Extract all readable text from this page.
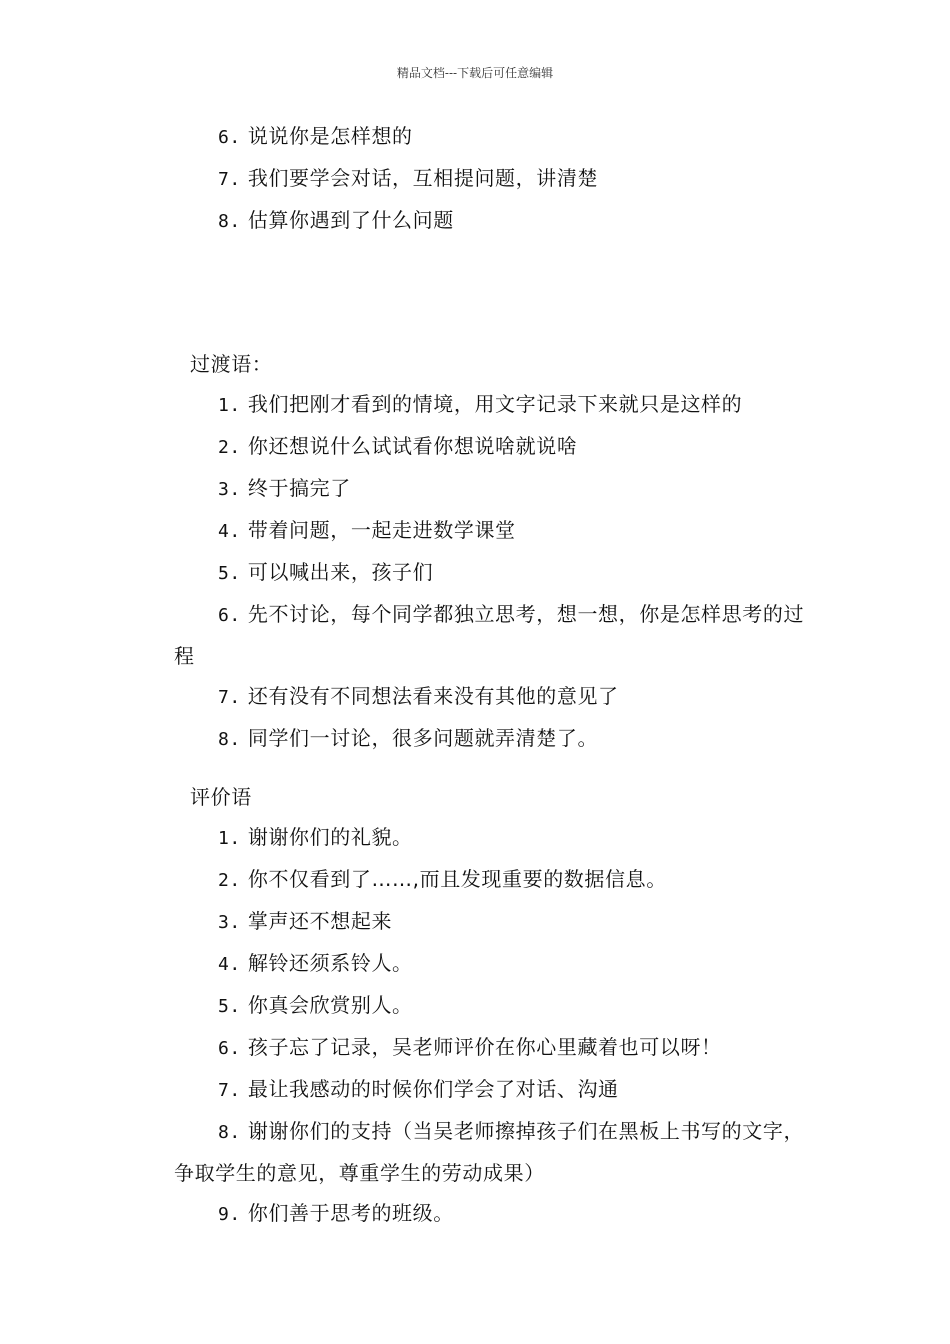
精品文档---下载后可任意编辑
6. 说说你是怎样想的
7. 我们要学会对话，互相提问题，讲清楚
8. 估算你遇到了什么问题
过渡语：
1. 我们把刚才看到的情境，用文字记录下来就只是这样的
2. 你还想说什么试试看你想说啥就说啥
3. 终于搞完了
4. 带着问题，一起走进数学课堂
5. 可以喊出来，孩子们
6. 先不讨论，每个同学都独立思考，想一想，你是怎样思考的过程
7. 还有没有不同想法看来没有其他的意见了
8. 同学们一讨论，很多问题就弄清楚了。
评价语
1. 谢谢你们的礼貌。
2. 你不仅看到了……,而且发现重要的数据信息。
3. 掌声还不想起来
4. 解铃还须系铃人。
5. 你真会欣赏别人。
6. 孩子忘了记录，吴老师评价在你心里藏着也可以呀！
7. 最让我感动的时候你们学会了对话、沟通
8. 谢谢你们的支持（当吴老师擦掉孩子们在黑板上书写的文字，争取学生的意见，尊重学生的劳动成果）
9. 你们善于思考的班级。
